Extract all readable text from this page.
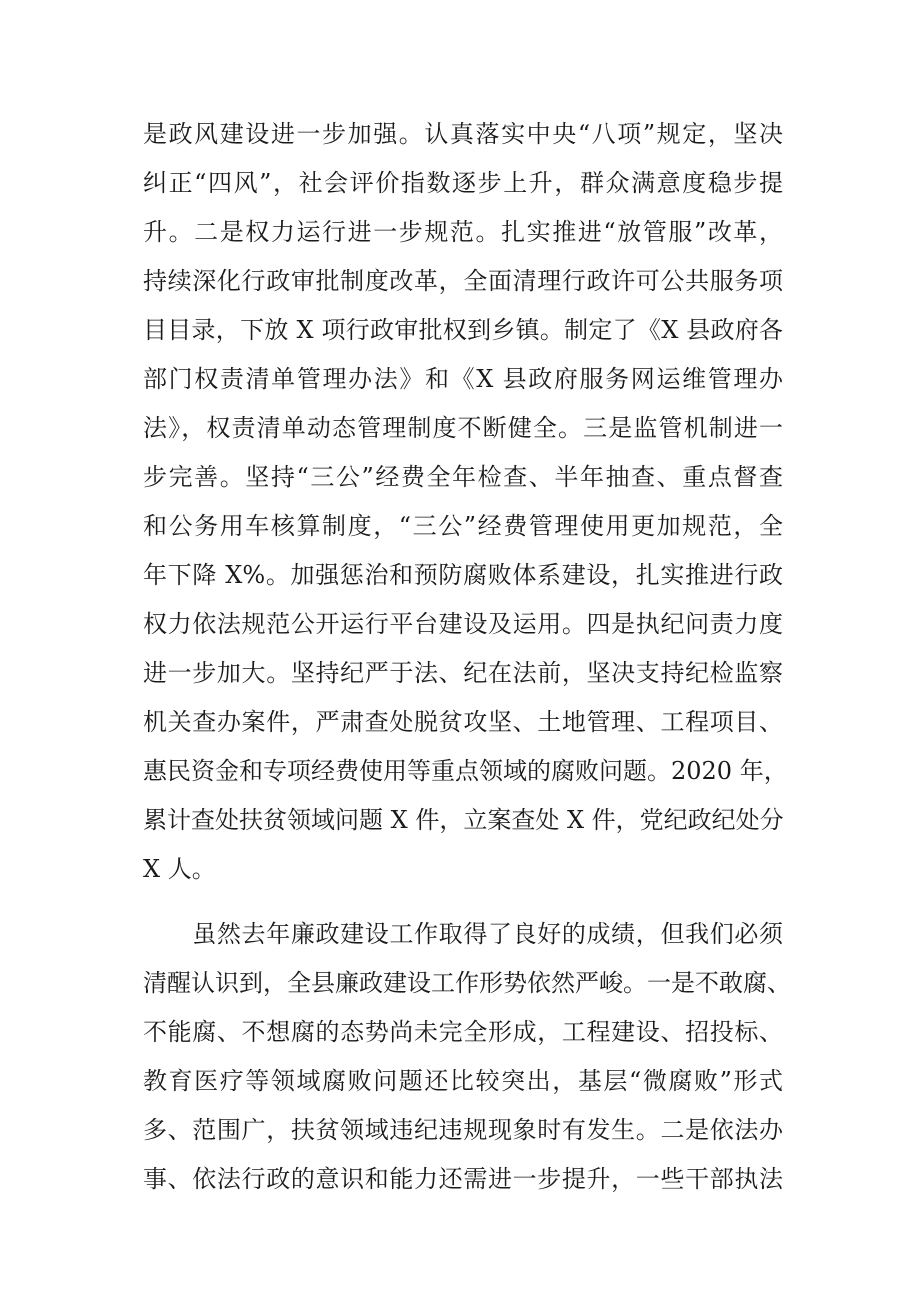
是政风建设进一步加强。认真落实中央“八项”规定，坚决
纠正“四风”，社会评价指数逐步上升，群众满意度稳步提
升。二是权力运行进一步规范。扎实推进“放管服”改革，
持续深化行政审批制度改革，全面清理行政许可公共服务项
目目录，下放 X 项行政审批权到乡镇。制定了《X 县政府各
部门权责清单管理办法》和《X 县政府服务网运维管理办
法》，权责清单动态管理制度不断健全。三是监管机制进一
步完善。坚持“三公”经费全年检查、半年抽查、重点督查
和公务用车核算制度，“三公”经费管理使用更加规范，全
年下降 X%。加强惩治和预防腐败体系建设，扎实推进行政
权力依法规范公开运行平台建设及运用。四是执纪问责力度
进一步加大。坚持纪严于法、纪在法前，坚决支持纪检监察
机关查办案件，严肃查处脱贫攻坚、土地管理、工程项目、
惠民资金和专项经费使用等重点领域的腐败问题。2020 年，
累计查处扶贫领域问题 X 件，立案查处 X 件，党纪政纪处分
X 人。
　　虽然去年廉政建设工作取得了良好的成绩，但我们必须
清醒认识到，全县廉政建设工作形势依然严峻。一是不敢腐、
不能腐、不想腐的态势尚未完全形成，工程建设、招投标、
教育医疗等领域腐败问题还比较突出，基层“微腐败”形式
多、范围广，扶贫领域违纪违规现象时有发生。二是依法办
事、依法行政的意识和能力还需进一步提升，一些干部执法
